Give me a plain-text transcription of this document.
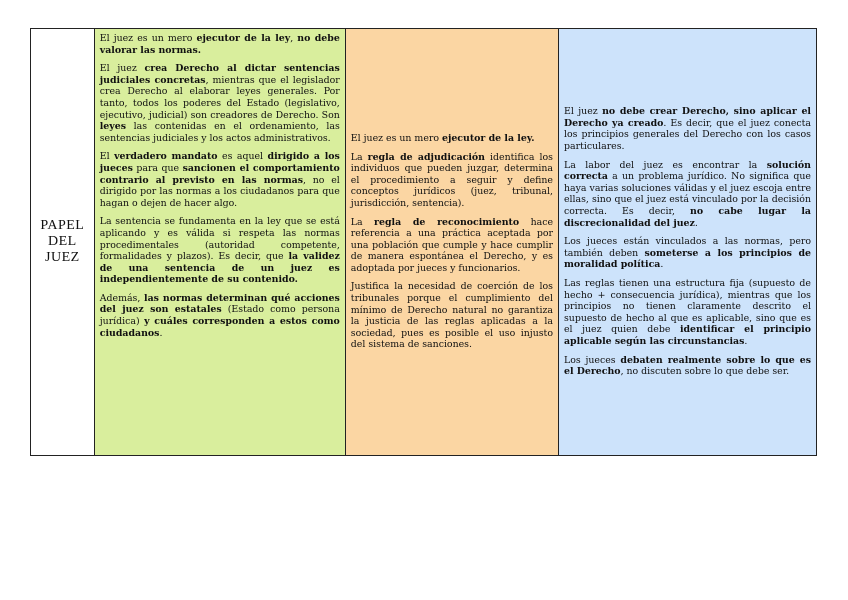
PAPEL
DEL
JUEZ

El juez es un mero ejecutor de la ley, no debe valorar las normas.

El juez crea Derecho al dictar sentencias judiciales concretas, mientras que el legislador crea Derecho al elaborar leyes generales. Por tanto, todos los poderes del Estado (legislativo, ejecutivo, judicial) son creadores de Derecho. Son leyes las contenidas en el ordenamiento, las sentencias judiciales y los actos administrativos.

El verdadero mandato es aquel dirigido a los jueces para que sancionen el comportamiento contrario al previsto en las normas, no el dirigido por las normas a los ciudadanos para que hagan o dejen de hacer algo.

La sentencia se fundamenta en la ley que se está aplicando y es válida si respeta las normas procedimentales (autoridad competente, formalidades y plazos). Es decir, que la validez de una sentencia de un juez es independientemente de su contenido.

Además, las normas determinan qué acciones del juez son estatales (Estado como persona jurídica) y cuáles corresponden a estos como ciudadanos.

El juez es un mero ejecutor de la ley.

La regla de adjudicación identifica los individuos que pueden juzgar, determina el procedimiento a seguir y define conceptos jurídicos (juez, tribunal, jurisdicción, sentencia).

La regla de reconocimiento hace referencia a una práctica aceptada por una población que cumple y hace cumplir de manera espontánea el Derecho, y es adoptada por jueces y funcionarios.

Justifica la necesidad de coerción de los tribunales porque el cumplimiento del mínimo de Derecho natural no garantiza la justicia de las reglas aplicadas a la sociedad, pues es posible el uso injusto del sistema de sanciones.

El juez no debe crear Derecho, sino aplicar el Derecho ya creado. Es decir, que el juez conecta los principios generales del Derecho con los casos particulares.

La labor del juez es encontrar la solución correcta a un problema jurídico. No significa que haya varias soluciones válidas y el juez escoja entre ellas, sino que el juez está vinculado por la decisión correcta. Es decir, no cabe lugar la discrecionalidad del juez.

Los jueces están vinculados a las normas, pero también deben someterse a los principios de moralidad política.

Las reglas tienen una estructura fija (supuesto de hecho + consecuencia jurídica), mientras que los principios no tienen claramente descrito el supuesto de hecho al que es aplicable, sino que es el juez quien debe identificar el principio aplicable según las circunstancias.

Los jueces debaten realmente sobre lo que es el Derecho, no discuten sobre lo que debe ser.
